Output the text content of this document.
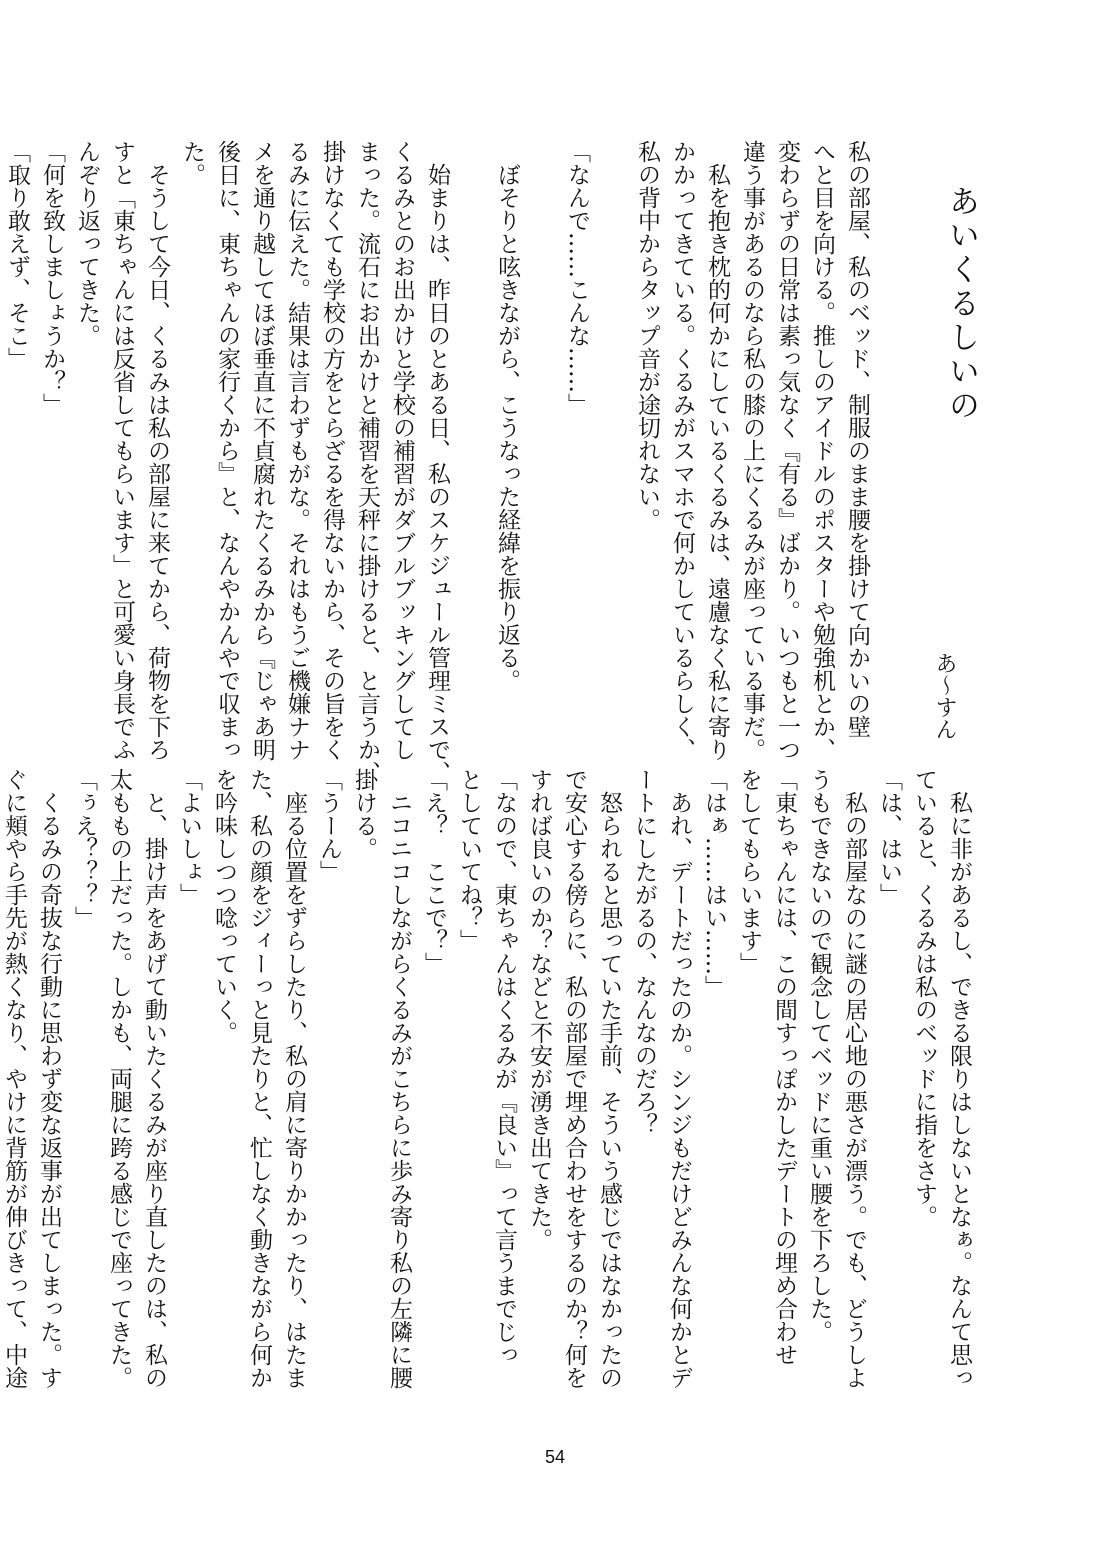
あいくるしいの
あ～すん
私の部屋、私のベッド、制服のまま腰を掛けて向かいの壁
へと目を向ける。推しのアイドルのポスターや勉強机とか、
変わらずの日常は素っ気なく『有る』ばかり。いつもと一つ
違う事があるのなら私の膝の上にくるみが座っている事だ。
　私を抱き枕的何かにしているくるみは、遠慮なく私に寄り
かかってきている。くるみがスマホで何かしているらしく、
私の背中からタップ音が途切れない。

「なんで……こんな……」

　ぼそりと呟きながら、こうなった経緯を振り返る。

　始まりは、昨日のとある日、私のスケジュール管理ミスで、
くるみとのお出かけと学校の補習がダブルブッキングしてし
まった。流石にお出かけと補習を天秤に掛けると、と言うか、
掛けなくても学校の方をとらざるを得ないから、その旨をく
るみに伝えた。結果は言わずもがな。それはもうご機嫌ナナ
メを通り越してほぼ垂直に不貞腐れたくるみから『じゃあ明
後日に、東ちゃんの家行くから』と、なんやかんやで収まっ
た。
　そうして今日、くるみは私の部屋に来てから、荷物を下ろ
すと「東ちゃんには反省してもらいます」と可愛い身長でふ
んぞり返ってきた。
「何を致しましょうか？」
「取り敢えず、そこ」
　私に非があるし、できる限りはしないとなぁ。なんて思っ
ていると、くるみは私のベッドに指をさす。
「は、はい」
　私の部屋なのに謎の居心地の悪さが漂う。でも、どうしよ
うもできないので観念してベッドに重い腰を下ろした。
「東ちゃんには、この間すっぽかしたデートの埋め合わせ
をしてもらいます」
「はぁ……はい……」
　あれ、デートだったのか。シンジもだけどみんな何かとデ
ートにしたがるの、なんなのだろ？
　怒られると思っていた手前、そういう感じではなかったの
で安心する傍らに、私の部屋で埋め合わせをするのか？何を
すれば良いのか？などと不安が湧き出てきた。
「なので、東ちゃんはくるみが『良い』って言うまでじっ
としていてね？」
「え？　ここで？」
　ニコニコしながらくるみがこちらに歩み寄り私の左隣に腰
掛ける。
「うーん」
　座る位置をずらしたり、私の肩に寄りかかったり、はたま
た、私の顔をジィーっと見たりと、忙しなく動きながら何か
を吟味しつつ唸っていく。
「よいしょ」
　と、掛け声をあげて動いたくるみが座り直したのは、私の
太ももの上だった。しかも、両腿に跨る感じで座ってきた。
「ぅえ？？？」
　くるみの奇抜な行動に思わず変な返事が出てしまった。す
ぐに頬やら手先が熱くなり、やけに背筋が伸びきって、中途
54
